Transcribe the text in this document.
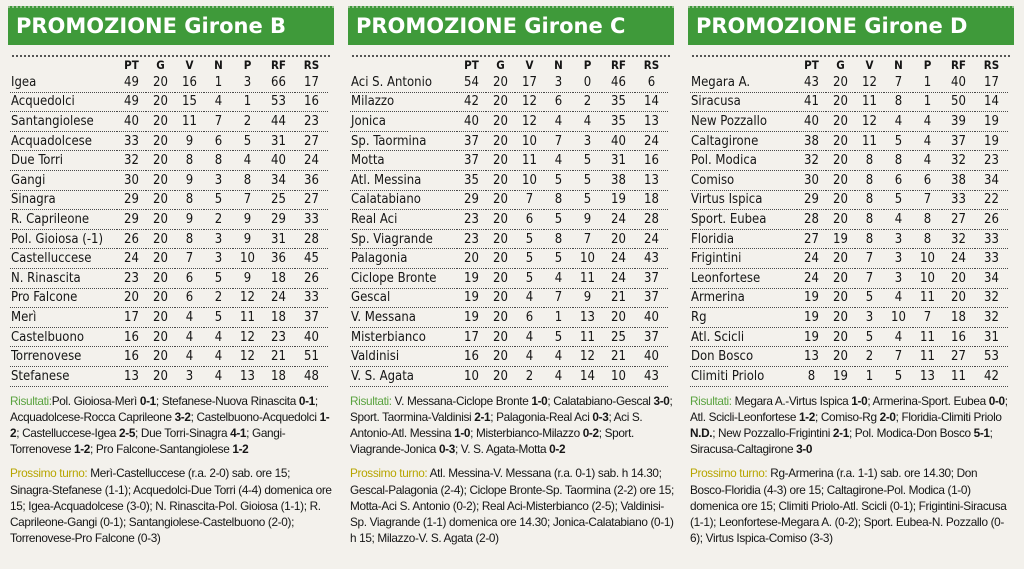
PROMOZIONE Girone B
	PT	G	V	N	P	RF	RS
Igea	49	20	16	1	3	66	17
Acquedolci	49	20	15	4	1	53	16
Santangiolese	40	20	11	7	2	44	23
Acquadolcese	33	20	9	6	5	31	27
Due Torri	32	20	8	8	4	40	24
Gangi	30	20	9	3	8	34	36
Sinagra	29	20	8	5	7	25	27
R. Caprileone	29	20	9	2	9	29	33
Pol. Gioiosa (-1)	26	20	8	3	9	31	28
Castelluccese	24	20	7	3	10	36	45
N. Rinascita	23	20	6	5	9	18	26
Pro Falcone	20	20	6	2	12	24	33
Merì	17	20	4	5	11	18	37
Castelbuono	16	20	4	4	12	23	40
Torrenovese	16	20	4	4	12	21	51
Stefanese	13	20	3	4	13	18	48

Risultati:Pol. Gioiosa-Merì 0-1; Stefanese-Nuova Rinascita 0-1; Acquadolcese-Rocca Caprileone 3-2; Castelbuono-Acquedolci 1-2; Castelluccese-Igea 2-5; Due Torri-Sinagra 4-1; Gangi-Torrenovese 1-2; Pro Falcone-Santangiolese 1-2

Prossimo turno: Merì-Castelluccese (r.a. 2-0) sab. ore 15; Sinagra-Stefanese (1-1); Acquedolci-Due Torri (4-4) domenica ore 15; Igea-Acquadolcese (3-0); N. Rinascita-Pol. Gioiosa (1-1); R. Caprileone-Gangi (0-1); Santangiolese-Castelbuono (2-0); Torrenovese-Pro Falcone (0-3)

PROMOZIONE Girone C
	PT	G	V	N	P	RF	RS
Aci S. Antonio	54	20	17	3	0	46	6
Milazzo	42	20	12	6	2	35	14
Jonica	40	20	12	4	4	35	13
Sp. Taormina	37	20	10	7	3	40	24
Motta	37	20	11	4	5	31	16
Atl. Messina	35	20	10	5	5	38	13
Calatabiano	29	20	7	8	5	19	18
Real Aci	23	20	6	5	9	24	28
Sp. Viagrande	23	20	5	8	7	20	24
Palagonia	20	20	5	5	10	24	43
Ciclope Bronte	19	20	5	4	11	24	37
Gescal	19	20	4	7	9	21	37
V. Messana	19	20	6	1	13	20	40
Misterbianco	17	20	4	5	11	25	37
Valdinisi	16	20	4	4	12	21	40
V. S. Agata	10	20	2	4	14	10	43

Risultati: V. Messana-Ciclope Bronte 1-0; Calatabiano-Gescal 3-0; Sport. Taormina-Valdinisi 2-1; Palagonia-Real Aci 0-3; Aci S. Antonio-Atl. Messina 1-0; Misterbianco-Milazzo 0-2; Sport. Viagrande-Jonica 0-3; V. S. Agata-Motta 0-2

Prossimo turno: Atl. Messina-V. Messana (r.a. 0-1) sab. h 14.30; Gescal-Palagonia (2-4); Ciclope Bronte-Sp. Taormina (2-2) ore 15; Motta-Aci S. Antonio (0-2); Real Aci-Misterbianco (2-5); Valdinisi-Sp. Viagrande (1-1) domenica ore 14.30; Jonica-Calatabiano (0-1) h 15; Milazzo-V. S. Agata (2-0)

PROMOZIONE Girone D
	PT	G	V	N	P	RF	RS
Megara A.	43	20	12	7	1	40	17
Siracusa	41	20	11	8	1	50	14
New Pozzallo	40	20	12	4	4	39	19
Caltagirone	38	20	11	5	4	37	19
Pol. Modica	32	20	8	8	4	32	23
Comiso	30	20	8	6	6	38	34
Virtus Ispica	29	20	8	5	7	33	22
Sport. Eubea	28	20	8	4	8	27	26
Floridia	27	19	8	3	8	32	33
Frigintini	24	20	7	3	10	24	33
Leonfortese	24	20	7	3	10	20	34
Armerina	19	20	5	4	11	20	32
Rg	19	20	3	10	7	18	32
Atl. Scicli	19	20	5	4	11	16	31
Don Bosco	13	20	2	7	11	27	53
Climiti Priolo	8	19	1	5	13	11	42

Risultati: Megara A.-Virtus Ispica 1-0; Armerina-Sport. Eubea 0-0; Atl. Scicli-Leonfortese 1-2; Comiso-Rg 2-0; Floridia-Climiti Priolo N.D.; New Pozzallo-Frigintini 2-1; Pol. Modica-Don Bosco 5-1; Siracusa-Caltagirone 3-0

Prossimo turno: Rg-Armerina (r.a. 1-1) sab. ore 14.30; Don Bosco-Floridia (4-3) ore 15; Caltagirone-Pol. Modica (1-0) domenica ore 15; Climiti Priolo-Atl. Scicli (0-1); Frigintini-Siracusa (1-1); Leonfortese-Megara A. (0-2); Sport. Eubea-N. Pozzallo (0-6); Virtus Ispica-Comiso (3-3)
